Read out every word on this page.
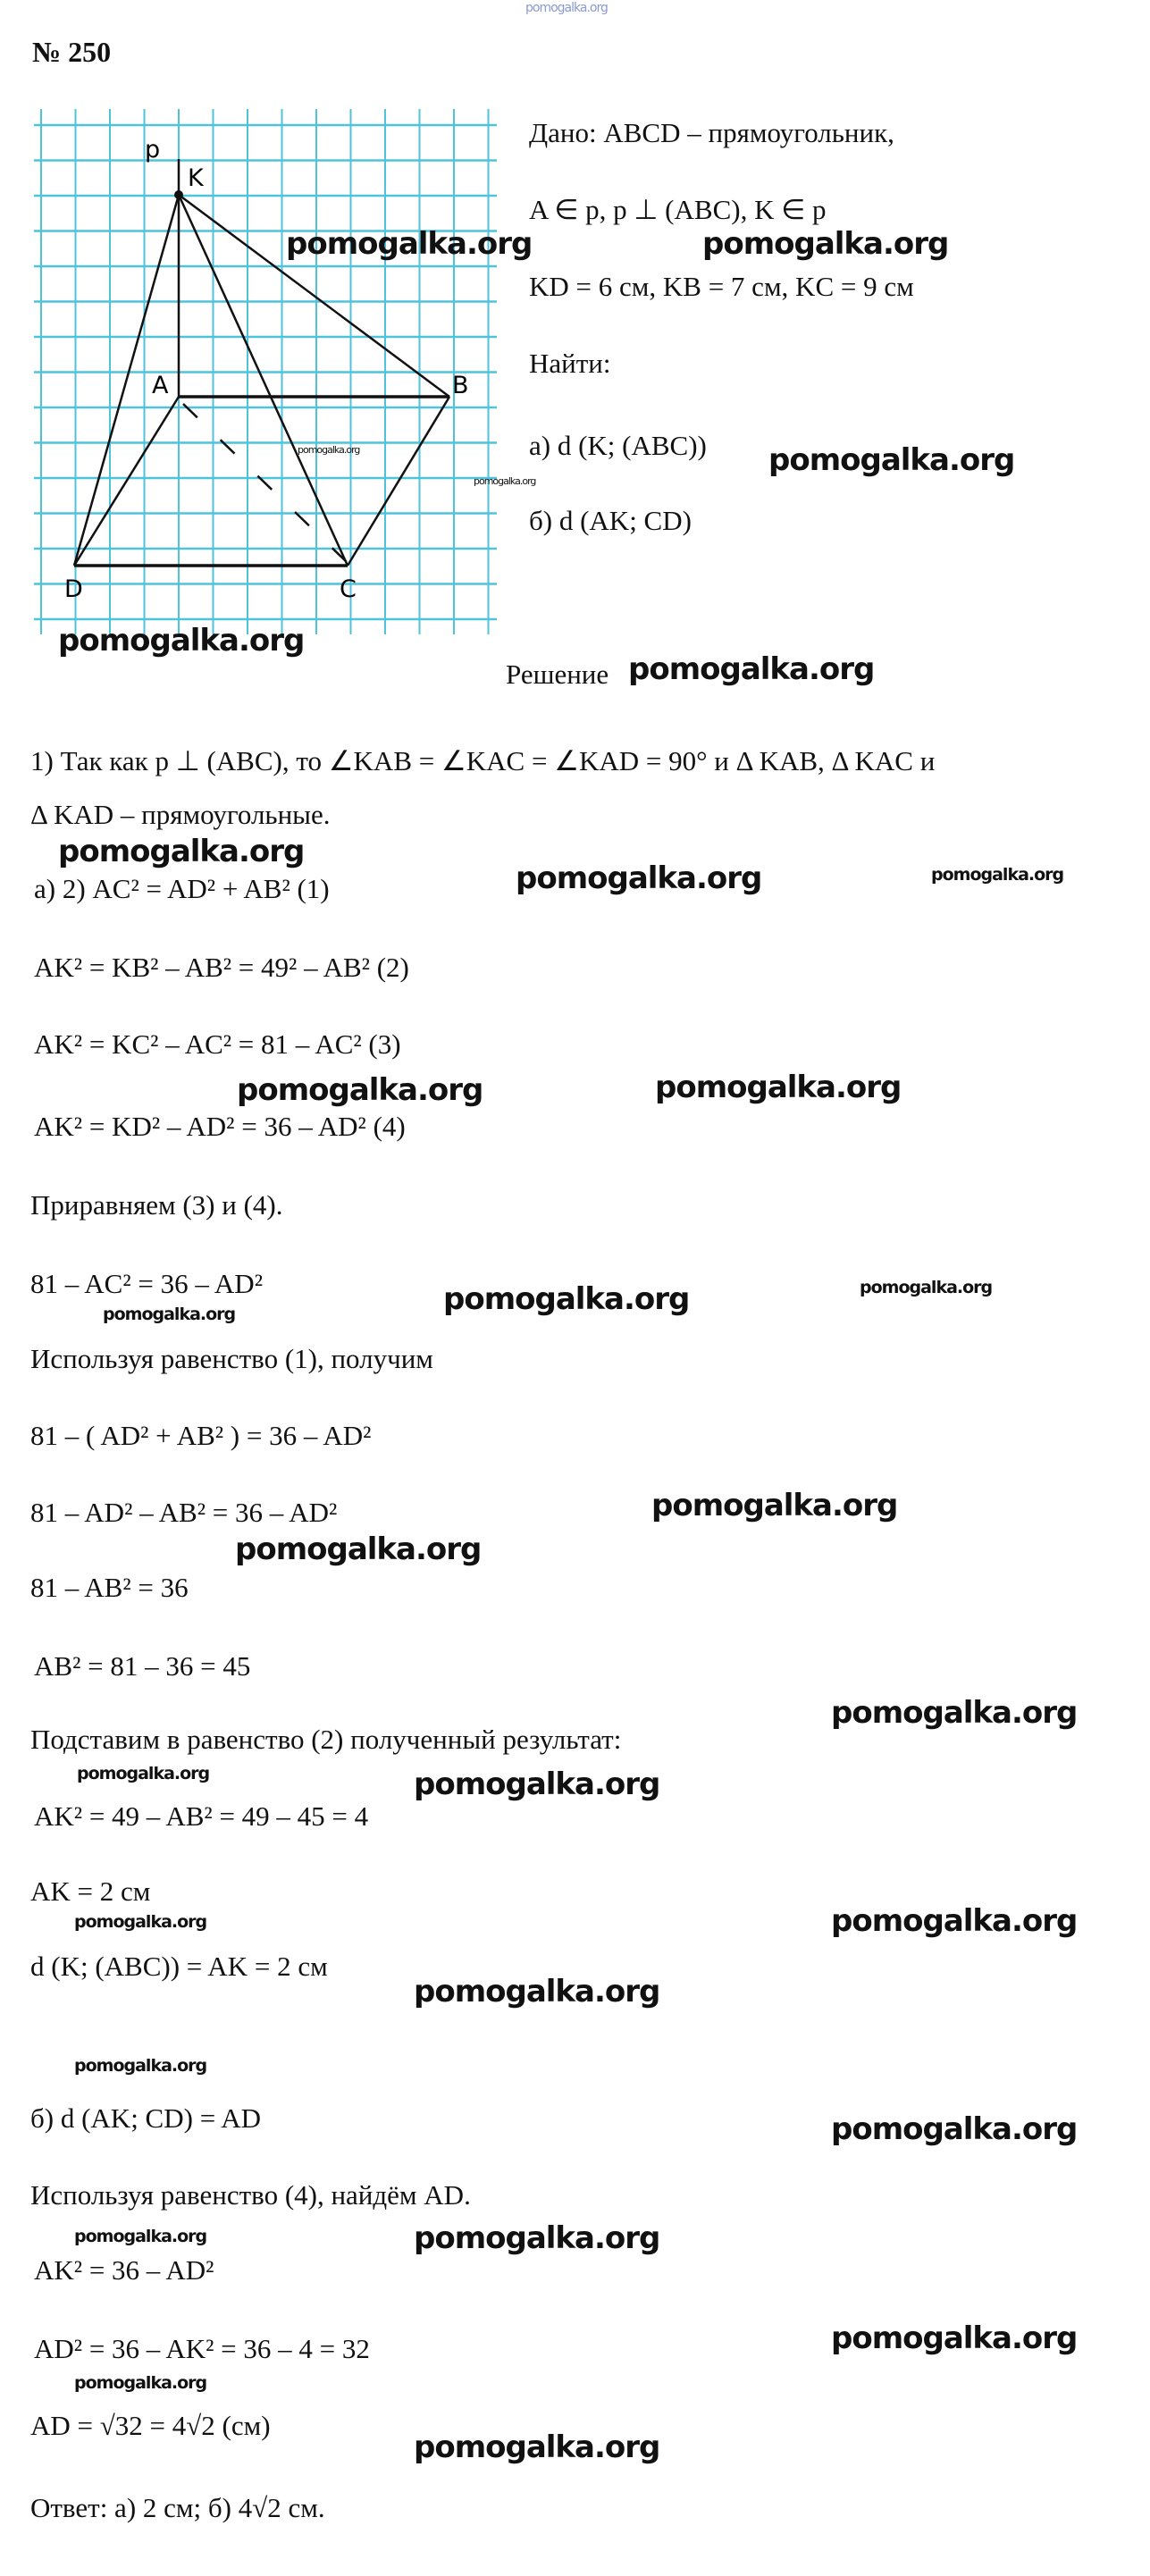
pomogalka.org
№ 250
p
K
A	B
D	C
Дано: ABCD – прямоугольник,
A ∈ p, p ⊥ (ABC), K ∈ p
KD = 6 см, KB = 7 см, KC = 9 см
Найти:
а) d (K; (ABC))
б) d (AK; CD)
Решение
1) Так как p ⊥ (ABC), то ∠KAB = ∠KAC = ∠KAD = 90° и Δ KAB, Δ KAC и
Δ KAD – прямоугольные.
а) 2) AC² = AD² + AB² (1)
AK² = KB² – AB² = 49² – AB² (2)
AK² = KC² – AC² = 81 – AC² (3)
AK² = KD² – AD² = 36 – AD² (4)
Приравняем (3) и (4).
81 – AC² = 36 – AD²
Используя равенство (1), получим
81 – ( AD² + AB² ) = 36 – AD²
81 – AD² – AB² = 36 – AD²
81 – AB² = 36
AB² = 81 – 36 = 45
Подставим в равенство (2) полученный результат:
AK² = 49 – AB² = 49 – 45 = 4
AK = 2 см
d (K; (ABC)) = AK = 2 см
б) d (AK; CD) = AD
Используя равенство (4), найдём AD.
AK² = 36 – AD²
AD² = 36 – AK² = 36 – 4 = 32
AD = √32 = 4√2 (см)
Ответ: а) 2 см; б) 4√2 см.
pomogalka.org	pomogalka.org
pomogalka.org
pomogalka.org
pomogalka.org
pomogalka.org
pomogalka.org
pomogalka.org
pomogalka.org	pomogalka.org
pomogalka.org	pomogalka.org
pomogalka.org	pomogalka.org
pomogalka.org
pomogalka.org
pomogalka.org
pomogalka.org
pomogalka.org	pomogalka.org
pomogalka.org	pomogalka.org
pomogalka.org
pomogalka.org
pomogalka.org
pomogalka.org	pomogalka.org
pomogalka.org
pomogalka.org
pomogalka.org
